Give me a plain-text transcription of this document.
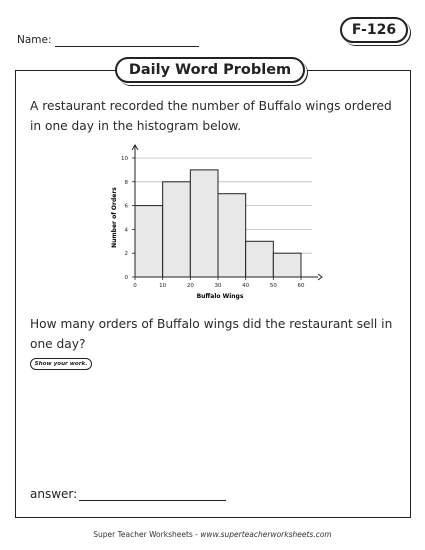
Name:
F-126
Daily Word Problem
A restaurant recorded the number of Buffalo wings ordered in one day in the histogram below.
0
2
4
6
8
10
0	10	20	30	40	50	60
Buffalo Wings
Number of Orders
How many orders of Buffalo wings did the restaurant sell in one day?
Show your work.
answer:
Super Teacher Worksheets - www.superteacherworksheets.com
